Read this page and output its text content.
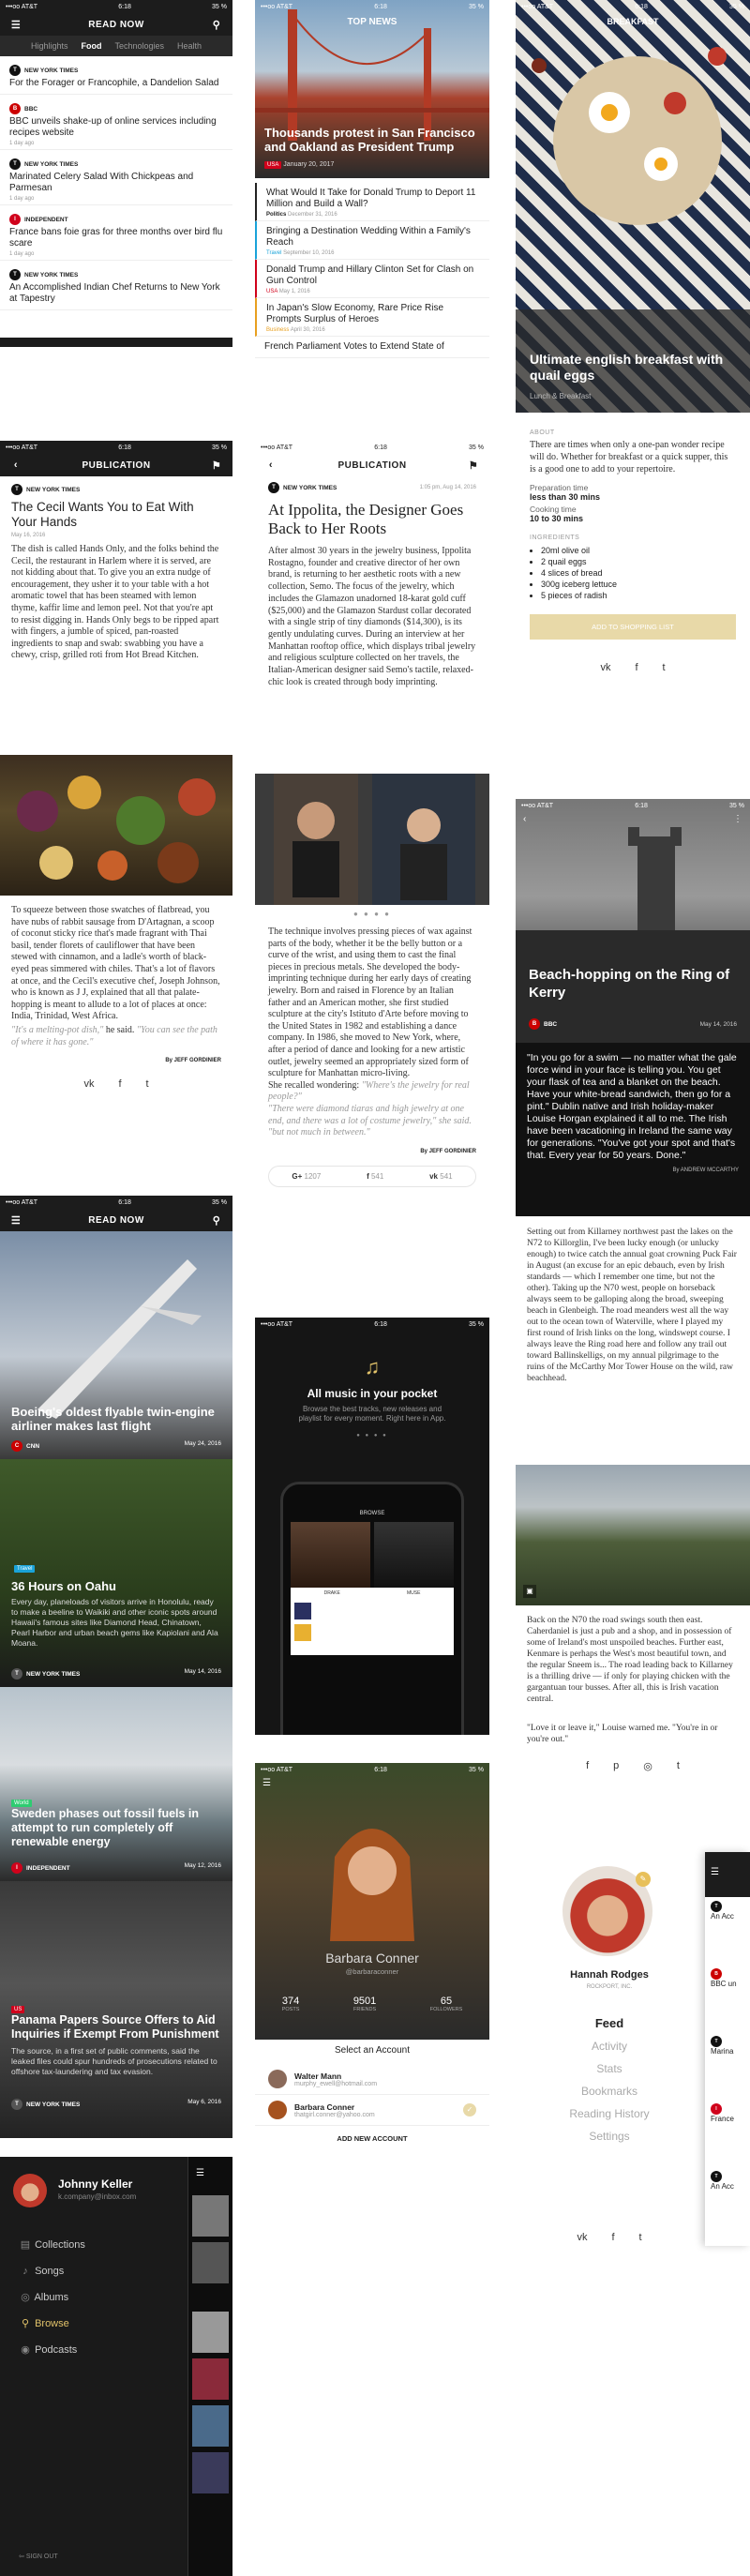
•••oo AT&T	6:18	35 %
☰	READ NOW	⚲
Highlights Food Technologies Health
T	NEW YORK TIMES
For the Forager or Francophile, a Dandelion Salad
B	BBC
BBC unveils shake-up of online services including recipes website
1 day ago
T	NEW YORK TIMES
Marinated Celery Salad With Chickpeas and Parmesan
1 day ago
I	INDEPENDENT
France bans foie gras for three months over bird flu scare
1 day ago
T	NEW YORK TIMES
An Accomplished Indian Chef Returns to New York at Tapestry
•••oo AT&T	6:18	35 %
TOP NEWS
Thousands protest in San Francisco and Oakland as President Trump
USA January 20, 2017
What Would It Take for Donald Trump to Deport 11 Million and Build a Wall?
Politics December 31, 2016
Bringing a Destination Wedding Within a Family's Reach
Travel September 10, 2016
Donald Trump and Hillary Clinton Set for Clash on Gun Control
USA May 1, 2016
In Japan's Slow Economy, Rare Price Rise Prompts Surplus of Heroes
Business April 30, 2016
French Parliament Votes to Extend State of
•••oo AT&T	6:18	35 %
BREAKFAST
Ultimate english breakfast with quail eggs
Lunch & Breakfast
ABOUT
There are times when only a one-pan wonder recipe will do. Whether for breakfast or a quick supper, this is a good one to add to your repertoire.
Preparation time
less than 30 mins
Cooking time
10 to 30 mins
INGREDIENTS
• 20ml olive oil
• 2 quail eggs
• 4 slices of bread
• 300g iceberg lettuce
• 5 pieces of radish
ADD TO SHOPPING LIST
vk f t
•••oo AT&T	6:18	35 %
‹	PUBLICATION	⚑
T	NEW YORK TIMES
The Cecil Wants You to Eat With Your Hands
May 16, 2016
The dish is called Hands Only, and the folks behind the Cecil, the restaurant in Harlem where it is served, are not kidding about that. To give you an extra nudge of encouragement, they usher it to your table with a hot aromatic towel that has been steamed with lemon thyme, kaffir lime and lemon peel. Not that you're apt to resist digging in. Hands Only begs to be ripped apart with fingers, a jumble of spiced, pan-roasted ingredients to snap and swab: swabbing you have a chewy, crisp, grilled roti from Hot Bread Kitchen.
To squeeze between those swatches of flatbread, you have nubs of rabbit sausage from D'Artagnan, a scoop of coconut sticky rice that's made fragrant with Thai basil, tender florets of cauliflower that have been stewed with cinnamon, and a ladle's worth of black-eyed peas simmered with chiles. That's a lot of flavors at once, and the Cecil's executive chef, Joseph Johnson, who is known as J J, explained that all that palate-hopping is meant to allude to a lot of places at once: India, Trinidad, West Africa.
"It's a melting-pot dish," he said. "You can see the path of where it has gone."
By JEFF GORDINIER
vk f t
•••oo AT&T	6:18	35 %
‹	PUBLICATION	⚑
T	NEW YORK TIMES	1:05 pm, Aug 14, 2016
At Ippolita, the Designer Goes Back to Her Roots
After almost 30 years in the jewelry business, Ippolita Rostagno, founder and creative director of her own brand, is returning to her aesthetic roots with a new collection, Semo. The focus of the jewelry, which includes the Glamazon unadorned 18-karat gold cuff ($25,000) and the Glamazon Stardust collar decorated with a single strip of tiny diamonds ($14,300), is its gently undulating curves. During an interview at her Manhattan rooftop office, which displays tribal jewelry and religious sculpture collected on her travels, the Italian-American designer said Semo's tactile, relaxed-chic look is created through body imprinting.
● ● ● ●
The technique involves pressing pieces of wax against parts of the body, whether it be the belly button or a curve of the wrist, and using them to cast the final pieces in precious metals. She developed the body-imprinting technique during her early days of creating jewelry. Born and raised in Florence by an Italian father and an American mother, she first studied sculpture at the city's Istituto d'Arte before moving to the United States in 1982 and establishing a dance company. In 1986, she moved to New York, where, after a period of dance and looking for a new artistic outlet, jewelry seemed an appropriately sized form of sculpture for Manhattan micro-living.
She recalled wondering: "Where's the jewelry for real people?"
"There were diamond tiaras and high jewelry at one end, and there was a lot of costume jewelry," she said. "but not much in between."
By JEFF GORDINIER
G+ 1207	f 541	vk 541
•••oo AT&T	6:18	35 %
‹	⋮
Beach-hopping on the Ring of Kerry
B	BBC	May 14, 2016
"In you go for a swim — no matter what the gale force wind in your face is telling you. You get your flask of tea and a blanket on the beach. Have your white-bread sandwich, then go for a pint." Dublin native and Irish holiday-maker Louise Horgan explained it all to me. The Irish have been vacationing in Ireland the same way for generations. "You've got your spot and that's that. Every year for 50 years. Done."
By ANDREW MCCARTHY
Setting out from Killarney northwest past the lakes on the N72 to Killorglin, I've been lucky enough (or unlucky enough) to twice catch the annual goat crowning Puck Fair in August (an excuse for an epic debauch, even by Irish standards — which I remember one time, but not the other). Taking up the N70 west, people on horseback always seem to be galloping along the broad, sweeping beach in Glenbeigh. The road meanders west all the way out to the ocean town of Waterville, where I played my first round of Irish links on the long, windswept course. I always leave the Ring road here and follow any trail out toward Ballinskelligs, on my annual pilgrimage to the ruins of the McCarthy Mor Tower House on the wild, raw beachhead.
▣
Back on the N70 the road swings south then east. Caherdaniel is just a pub and a shop, and in possession of some of Ireland's most unspoiled beaches. Further east, Kenmare is perhaps the West's most beautiful town, and the regular Sneem is... The road leading back to Killarney is a thrilling drive — if only for playing chicken with the gargantuan tour busses. After all, this is Irish vacation central.
"Love it or leave it," Louise warned me. "You're in or you're out."
f p ◎ t
•••oo AT&T	6:18	35 %
☰	READ NOW	⚲
Boeing's oldest flyable twin-engine airliner makes last flight
C	CNN	May 24, 2016
Travel
36 Hours on Oahu
Every day, planeloads of visitors arrive in Honolulu, ready to make a beeline to Waikiki and other iconic spots around Hawaii's famous sites like Diamond Head, Chinatown, Pearl Harbor and urban beach gems like Kapiolani and Ala Moana.
T	NEW YORK TIMES	May 14, 2016
World
Sweden phases out fossil fuels in attempt to run completely off renewable energy
I	INDEPENDENT	May 12, 2016
US
Panama Papers Source Offers to Aid Inquiries if Exempt From Punishment
The source, in a first set of public comments, said the leaked files could spur hundreds of prosecutions related to offshore tax-laundering and tax evasion.
T	NEW YORK TIMES	May 6, 2016
•••oo AT&T	6:18	35 %
♫
All music in your pocket
Browse the best tracks, new releases and playlist for every moment. Right here in App.
● ● ● ●
BROWSE
DRAKE	MUSE
Run the Jewels 3
Coloring Book
•••oo AT&T	6:18	35 %
☰
Barbara Conner
@barbaraconner
374
POSTS
9501
FRIENDS
65
FOLLOWERS
Select an Account
Walter Mann
murphy_ewell@hotmail.com
Barbara Conner
thatgirl.conner@yahoo.com
✓
ADD NEW ACCOUNT
✎
Hannah Rodges
ROCKPORT, INC.
Feed
Activity
Stats
Bookmarks
Reading History
Settings
vk f t
☰
T
An Acc
B
BBC un
T
Marina
I
France
T
An Acc
Johnny Keller
k.company@inbox.com
☰
▤ Collections
♪ Songs
◎ Albums
⚲ Browse
◉ Podcasts
⇦ SIGN OUT
